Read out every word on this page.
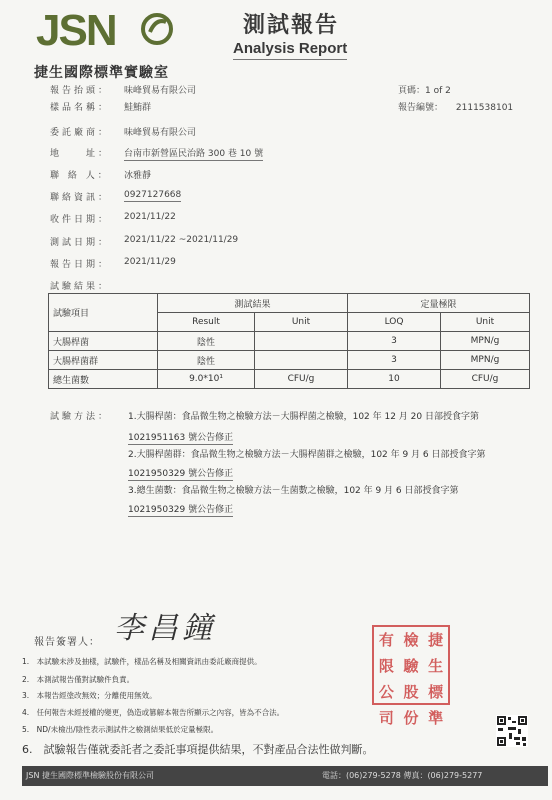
JSN
捷生國際標準實驗室
測試報告
Analysis Report
頁碼：1 of 2
報告編號： 2111538101
報告抬頭： 味峰貿易有限公司
樣品名稱： 鮭鮪群
委託廠商： 味峰貿易有限公司
地　　址： 台南市新營區民治路 300 巷 10 號
聯 絡 人： 冰雅靜
聯絡資訊： 0927127668
收件日期： 2021/11/22
測試日期： 2021/11/22 ~2021/11/29
報告日期： 2021/11/29
試驗結果：
試驗項目	測試結果		定量極限	
	Result	Unit	LOQ	Unit
大腸桿菌	陰性		3	MPN/g
大腸桿菌群	陰性		3	MPN/g
總生菌數	9.0*10¹	CFU/g	10	CFU/g
試驗方法： 1.大腸桿菌：食品微生物之檢驗方法－大腸桿菌之檢驗，102 年 12 月 20 日部授食字第
1021951163 號公告修正
2.大腸桿菌群：食品微生物之檢驗方法－大腸桿菌群之檢驗，102 年 9 月 6 日部授食字第
1021950329 號公告修正
3.總生菌數：食品微生物之檢驗方法－生菌數之檢驗，102 年 9 月 6 日部授食字第
1021950329 號公告修正
報告簽署人： 李昌鐘	有 檢 捷
限 驗 生
公 股 標
司 份 準
1.　本試驗未涉及抽樣，試驗件，樣品名稱及相關資訊由委託廠商提供。
2.　本測試報告僅對試驗件負責。
3.　本報告經塗改無效；分離使用無效。
4.　任何報告未經授權的變更，偽造或篡解本報告所顯示之內容，皆為不合法。
5.　ND/未檢出/陰性表示測試件之檢測結果低於定量極限。
6.　試驗報告僅就委託者之委託事項提供結果，不對產品合法性做判斷。
JSN 捷生國際標準檢驗股份有限公司　　　　　　　　　　　　　　　　　　　　　電話：(06)279-5278 傳真：(06)279-5277
